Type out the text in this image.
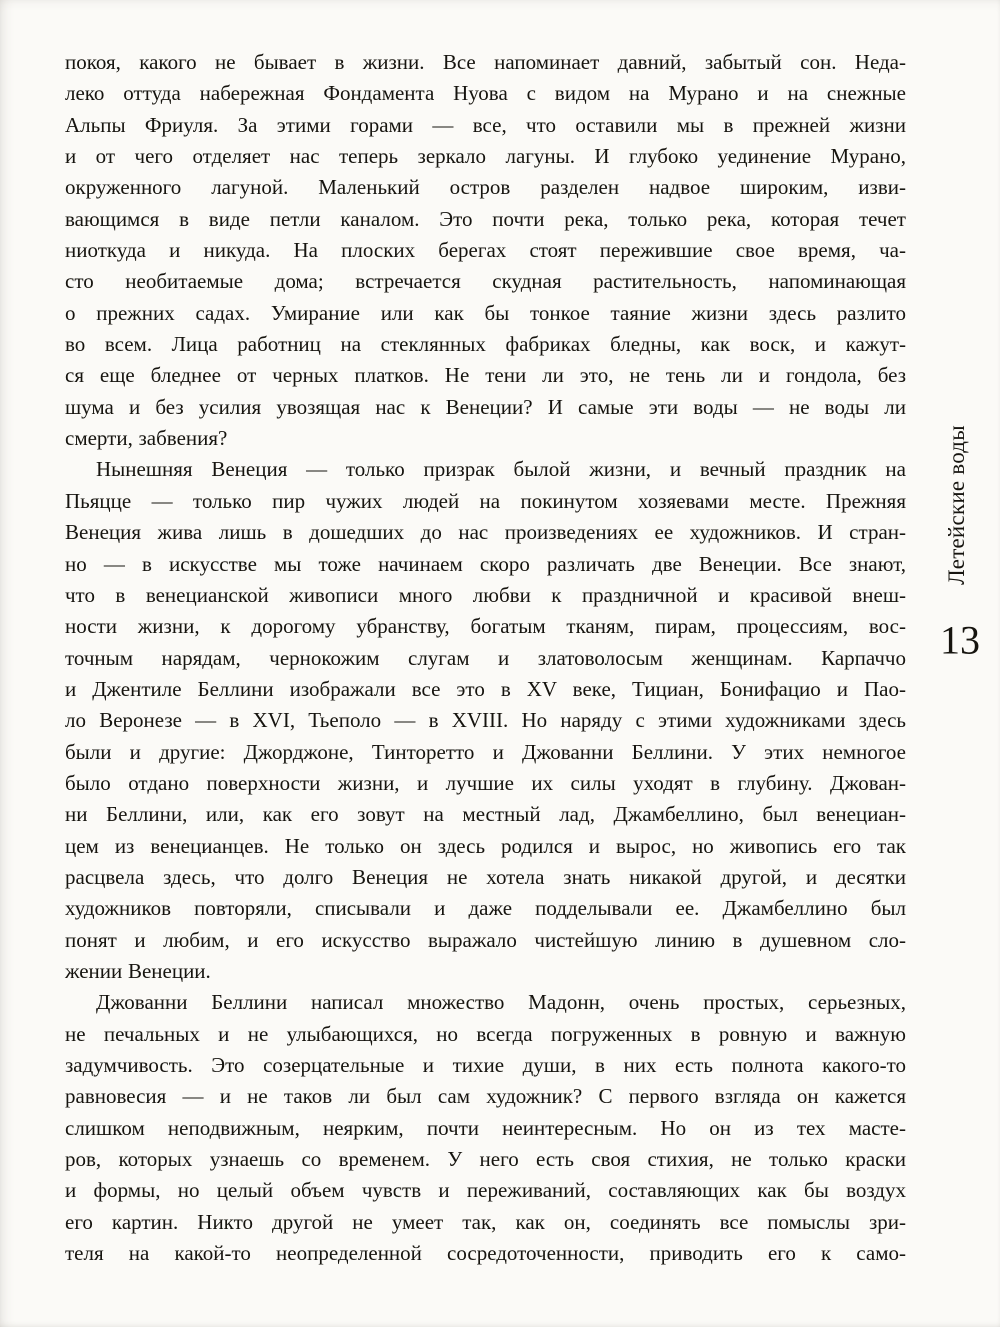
покоя, какого не бывает в жизни. Все напоминает давний, забытый сон. Неда-
леко оттуда набережная Фондамента Нуова с видом на Мурано и на снежные
Альпы Фриуля. За этими горами — все, что оставили мы в прежней жизни
и от чего отделяет нас теперь зеркало лагуны. И глубоко уединение Мурано,
окруженного лагуной. Маленький остров разделен надвое широким, изви-
вающимся в виде петли каналом. Это почти река, только река, которая течет
ниоткуда и никуда. На плоских берегах стоят пережившие свое время, ча-
сто необитаемые дома; встречается скудная растительность, напоминающая
о прежних садах. Умирание или как бы тонкое таяние жизни здесь разлито
во всем. Лица работниц на стеклянных фабриках бледны, как воск, и кажут-
ся еще бледнее от черных платков. Не тени ли это, не тень ли и гондола, без
шума и без усилия увозящая нас к Венеции? И самые эти воды — не воды ли
смерти, забвения?
Нынешняя Венеция — только призрак былой жизни, и вечный праздник на
Пьяцце — только пир чужих людей на покинутом хозяевами месте. Прежняя
Венеция жива лишь в дошедших до нас произведениях ее художников. И стран-
но — в искусстве мы тоже начинаем скоро различать две Венеции. Все знают,
что в венецианской живописи много любви к праздничной и красивой внеш-
ности жизни, к дорогому убранству, богатым тканям, пирам, процессиям, вос-
точным нарядам, чернокожим слугам и златоволосым женщинам. Карпаччо
и Джентиле Беллини изображали все это в XV веке, Тициан, Бонифацио и Пао-
ло Веронезе — в XVI, Тьеполо — в XVIII. Но наряду с этими художниками здесь
были и другие: Джорджоне, Тинторетто и Джованни Беллини. У этих немногое
было отдано поверхности жизни, и лучшие их силы уходят в глубину. Джован-
ни Беллини, или, как его зовут на местный лад, Джамбеллино, был венециан-
цем из венецианцев. Не только он здесь родился и вырос, но живопись его так
расцвела здесь, что долго Венеция не хотела знать никакой другой, и десятки
художников повторяли, списывали и даже подделывали ее. Джамбеллино был
понят и любим, и его искусство выражало чистейшую линию в душевном сло-
жении Венеции.
Джованни Беллини написал множество Мадонн, очень простых, серьезных,
не печальных и не улыбающихся, но всегда погруженных в ровную и важную
задумчивость. Это созерцательные и тихие души, в них есть полнота какого-то
равновесия — и не таков ли был сам художник? С первого взгляда он кажется
слишком неподвижным, неярким, почти неинтересным. Но он из тех масте-
ров, которых узнаешь со временем. У него есть своя стихия, не только краски
и формы, но целый объем чувств и переживаний, составляющих как бы воздух
его картин. Никто другой не умеет так, как он, соединять все помыслы зри-
теля на какой-то неопределенной сосредоточенности, приводить его к само-
Летейские воды
13
